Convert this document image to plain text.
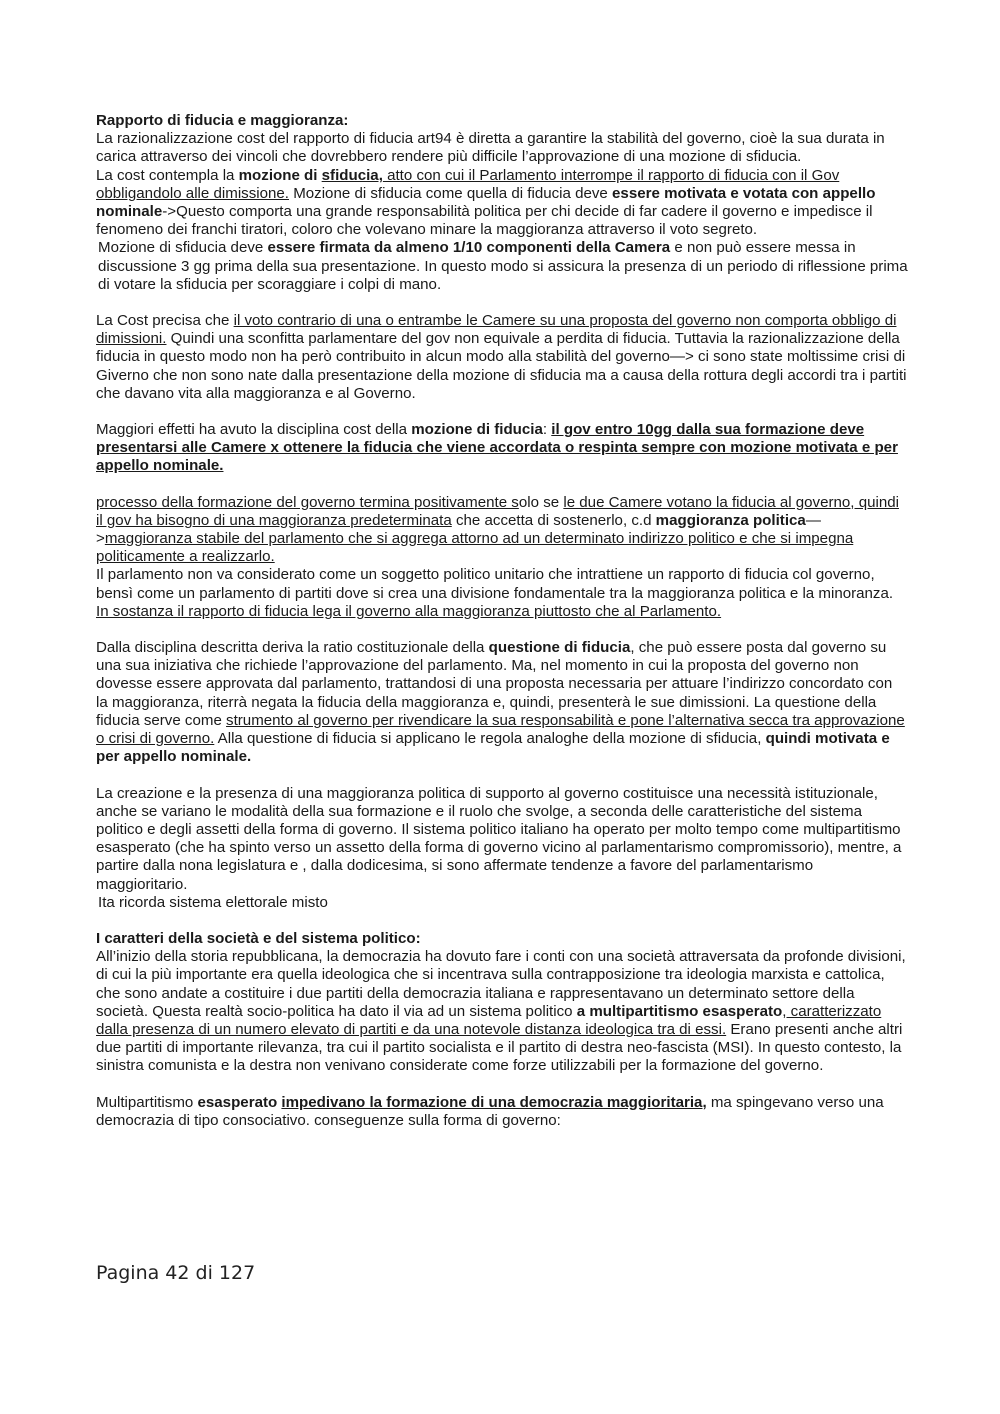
Rapporto di fiducia e maggioranza:
La razionalizzazione cost del rapporto di fiducia art94 è diretta a garantire la stabilità del governo, cioè la sua durata in carica attraverso dei vincoli che dovrebbero rendere più difficile l’approvazione di una mozione di sfiducia.
La cost contempla la mozione di sfiducia, atto con cui il Parlamento interrompe il rapporto di fiducia con il Gov obbligandolo alle dimissione. Mozione di sfiducia come quella di fiducia deve essere motivata e votata con appello nominale->Questo comporta una grande responsabilità politica per chi decide di far cadere il governo e impedisce il fenomeno dei franchi tiratori, coloro che volevano minare la maggioranza attraverso il voto segreto.
Mozione di sfiducia deve essere firmata da almeno 1/10 componenti della Camera e non può essere messa in discussione 3 gg prima della sua presentazione. In questo modo si assicura la presenza di un periodo di riflessione prima di votare la sfiducia per scoraggiare i colpi di mano.
La Cost precisa che il voto contrario di una o entrambe le Camere su una proposta del governo non comporta obbligo di dimissioni. Quindi una sconfitta parlamentare del gov non equivale a perdita di fiducia. Tuttavia la razionalizzazione della fiducia in questo modo non ha però contribuito in alcun modo alla stabilità del governo—> ci sono state moltissime crisi di Giverno che non sono nate dalla presentazione della mozione di sfiducia ma a causa della rottura degli accordi tra i partiti che davano vita alla maggioranza e al Governo.
Maggiori effetti ha avuto la disciplina cost della mozione di fiducia: il gov entro 10gg dalla sua formazione deve presentarsi alle Camere x ottenere la fiducia che viene accordata o respinta sempre con mozione motivata e per appello nominale.
processo della formazione del governo termina positivamente solo se le due Camere votano la fiducia al governo, quindi il gov ha bisogno di una maggioranza predeterminata che accetta di sostenerlo, c.d maggioranza politica—>maggioranza stabile del parlamento che si aggrega attorno ad un determinato indirizzo politico e che si impegna politicamente a realizzarlo.
Il parlamento non va considerato come un soggetto politico unitario che intrattiene un rapporto di fiducia col governo, bensì come un parlamento di partiti dove si crea una divisione fondamentale tra la maggioranza politica e la minoranza. In sostanza il rapporto di fiducia lega il governo alla maggioranza piuttosto che al Parlamento.
Dalla disciplina descritta deriva la ratio costituzionale della questione di fiducia, che può essere posta dal governo su una sua iniziativa che richiede l’approvazione del parlamento. Ma, nel momento in cui la proposta del governo non dovesse essere approvata dal parlamento, trattandosi di una proposta necessaria per attuare l’indirizzo concordato con la maggioranza, riterrà negata la fiducia della maggioranza e, quindi, presenterà le sue dimissioni. La questione della fiducia serve come strumento al governo per rivendicare la sua responsabilità e pone l’alternativa secca tra approvazione o crisi di governo. Alla questione di fiducia si applicano le regola analoghe della mozione di sfiducia, quindi motivata e per appello nominale.
La creazione e la presenza di una maggioranza politica di supporto al governo costituisce una necessità istituzionale, anche se variano le modalità della sua formazione e il ruolo che svolge, a seconda delle caratteristiche del sistema politico e degli assetti della forma di governo. Il sistema politico italiano ha operato per molto tempo come multipartitismo esasperato (che ha spinto verso un assetto della forma di governo vicino al parlamentarismo compromissorio), mentre, a partire dalla nona legislatura e , dalla dodicesima, si sono affermate tendenze a favore del parlamentarismo maggioritario.
Ita ricorda sistema elettorale misto
I caratteri della società e del sistema politico:
All’inizio della storia repubblicana, la democrazia ha dovuto fare i conti con una società attraversata da profonde divisioni, di cui la più importante era quella ideologica che si incentrava sulla contrapposizione tra ideologia marxista e cattolica, che sono andate a costituire i due partiti della democrazia italiana e rappresentavano un determinato settore della società. Questa realtà socio-politica ha dato il via ad un sistema politico a multipartitismo esasperato, caratterizzato dalla presenza di un numero elevato di partiti e da una notevole distanza ideologica tra di essi. Erano presenti anche altri due partiti di importante rilevanza, tra cui il partito socialista e il partito di destra neo-fascista (MSI). In questo contesto, la sinistra comunista e la destra non venivano considerate come forze utilizzabili per la formazione del governo.
Multipartitismo esasperato impedivano la formazione di una democrazia maggioritaria, ma spingevano verso una democrazia di tipo consociativo. conseguenze sulla forma di governo:
Pagina 42 di 127
